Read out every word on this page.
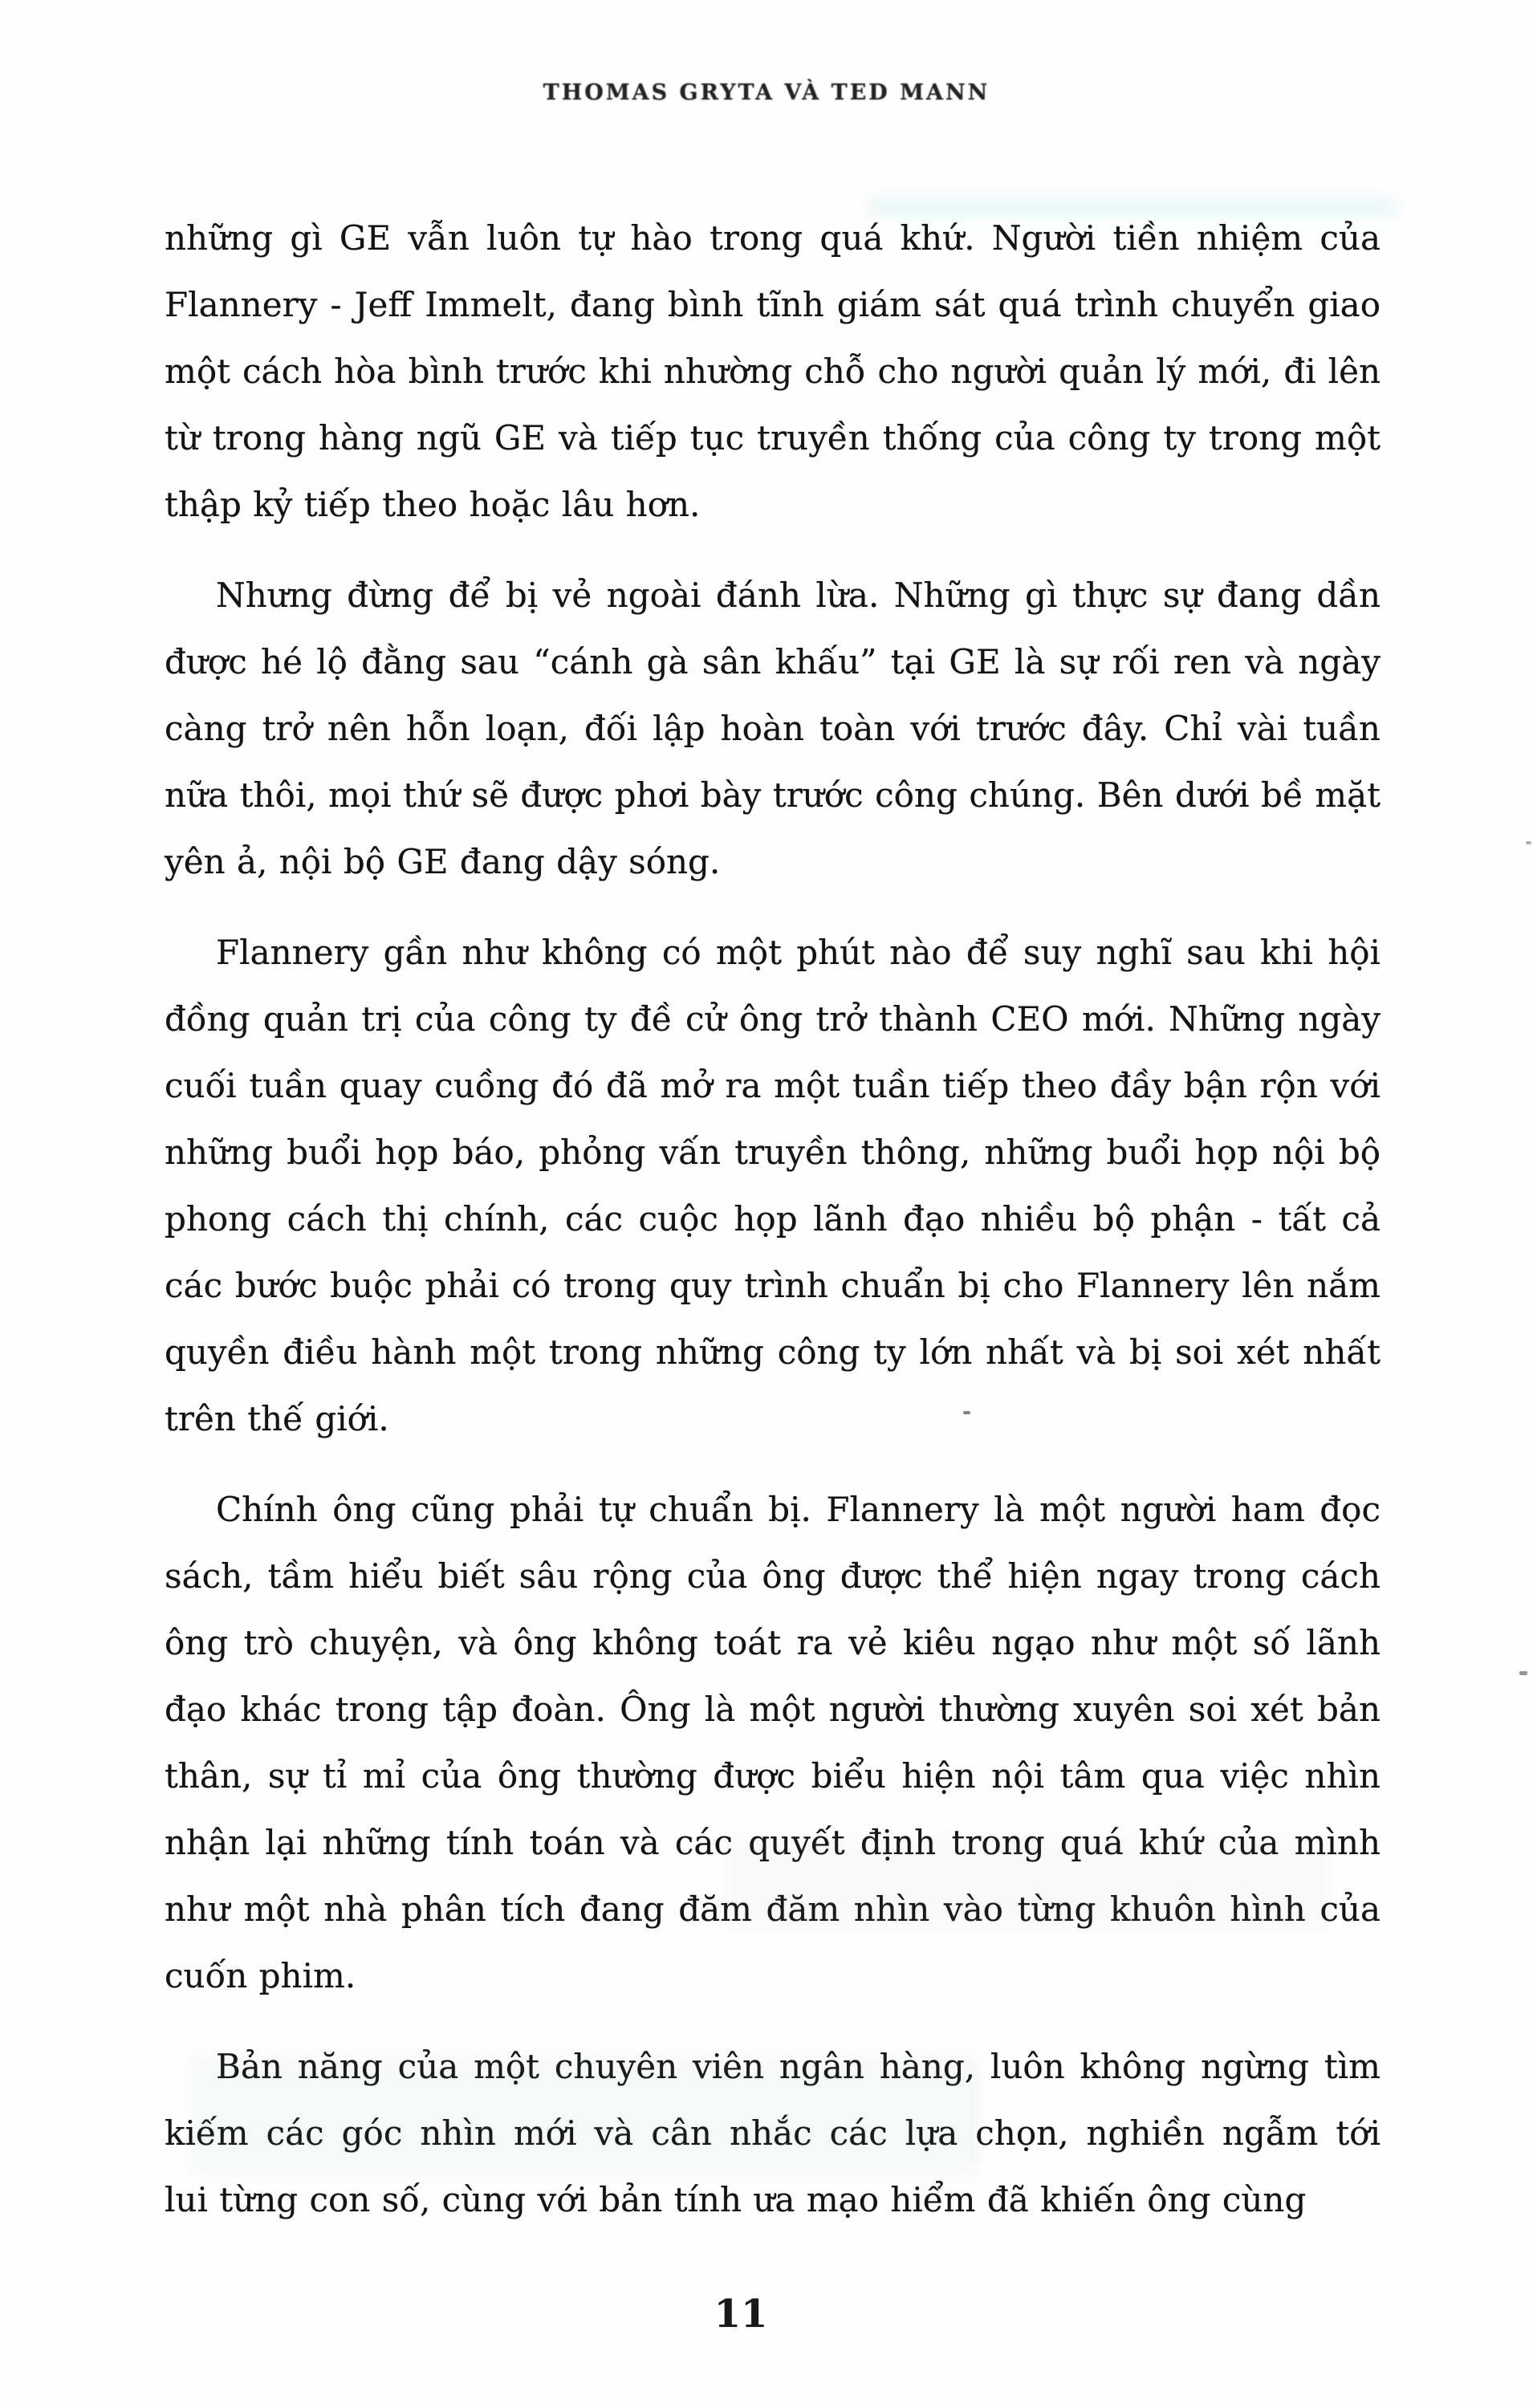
THOMAS GRYTA VÀ TED MANN
những gì GE vẫn luôn tự hào trong quá khứ. Người tiền nhiệm của
Flannery - Jeff Immelt, đang bình tĩnh giám sát quá trình chuyển giao
một cách hòa bình trước khi nhường chỗ cho người quản lý mới, đi lên
từ trong hàng ngũ GE và tiếp tục truyền thống của công ty trong một
thập kỷ tiếp theo hoặc lâu hơn.
Nhưng đừng để bị vẻ ngoài đánh lừa. Những gì thực sự đang dần
được hé lộ đằng sau “cánh gà sân khấu” tại GE là sự rối ren và ngày
càng trở nên hỗn loạn, đối lập hoàn toàn với trước đây. Chỉ vài tuần
nữa thôi, mọi thứ sẽ được phơi bày trước công chúng. Bên dưới bề mặt
yên ả, nội bộ GE đang dậy sóng.
Flannery gần như không có một phút nào để suy nghĩ sau khi hội
đồng quản trị của công ty đề cử ông trở thành CEO mới. Những ngày
cuối tuần quay cuồng đó đã mở ra một tuần tiếp theo đầy bận rộn với
những buổi họp báo, phỏng vấn truyền thông, những buổi họp nội bộ
phong cách thị chính, các cuộc họp lãnh đạo nhiều bộ phận - tất cả
các bước buộc phải có trong quy trình chuẩn bị cho Flannery lên nắm
quyền điều hành một trong những công ty lớn nhất và bị soi xét nhất
trên thế giới.
Chính ông cũng phải tự chuẩn bị. Flannery là một người ham đọc
sách, tầm hiểu biết sâu rộng của ông được thể hiện ngay trong cách
ông trò chuyện, và ông không toát ra vẻ kiêu ngạo như một số lãnh
đạo khác trong tập đoàn. Ông là một người thường xuyên soi xét bản
thân, sự tỉ mỉ của ông thường được biểu hiện nội tâm qua việc nhìn
nhận lại những tính toán và các quyết định trong quá khứ của mình
như một nhà phân tích đang đăm đăm nhìn vào từng khuôn hình của
cuốn phim.
Bản năng của một chuyên viên ngân hàng, luôn không ngừng tìm
kiếm các góc nhìn mới và cân nhắc các lựa chọn, nghiền ngẫm tới
lui từng con số, cùng với bản tính ưa mạo hiểm đã khiến ông cùng
11
